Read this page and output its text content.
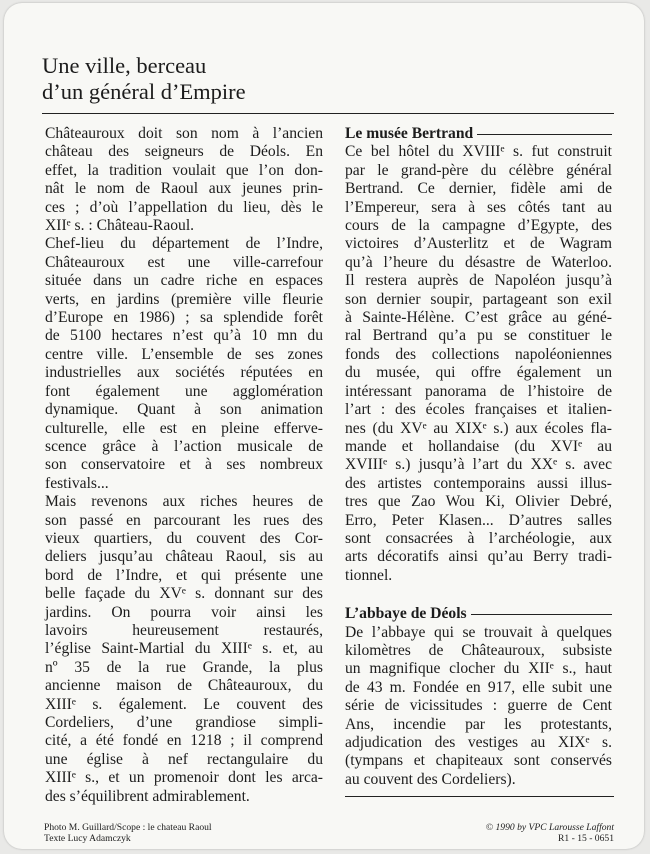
Une ville, berceau
d’un général d’Empire

Châteauroux doit son nom à l’ancien
château des seigneurs de Déols. En
effet, la tradition voulait que l’on don-
nât le nom de Raoul aux jeunes prin-
ces ; d’où l’appellation du lieu, dès le
XIIᵉ s. : Château-Raoul.

Chef-lieu du département de l’Indre,
Châteauroux est une ville-carrefour
située dans un cadre riche en espaces
verts, en jardins (première ville fleurie
d’Europe en 1986) ; sa splendide forêt
de 5100 hectares n’est qu’à 10 mn du
centre ville. L’ensemble de ses zones
industrielles aux sociétés réputées en
font également une agglomération
dynamique. Quant à son animation
culturelle, elle est en pleine efferve-
scence grâce à l’action musicale de
son conservatoire et à ses nombreux
festivals...

Mais revenons aux riches heures de
son passé en parcourant les rues des
vieux quartiers, du couvent des Cor-
deliers jusqu’au château Raoul, sis au
bord de l’Indre, et qui présente une
belle façade du XVᵉ s. donnant sur des
jardins. On pourra voir ainsi les
lavoirs heureusement restaurés,
l’église Saint-Martial du XIIIᵉ s. et, au
nº 35 de la rue Grande, la plus
ancienne maison de Châteauroux, du
XIIIᵉ s. également. Le couvent des
Cordeliers, d’une grandiose simpli-
cité, a été fondé en 1218 ; il comprend
une église à nef rectangulaire du
XIIIᵉ s., et un promenoir dont les arca-
des s’équilibrent admirablement.

Le musée Bertrand

Ce bel hôtel du XVIIIᵉ s. fut construit
par le grand-père du célèbre général
Bertrand. Ce dernier, fidèle ami de
l’Empereur, sera à ses côtés tant au
cours de la campagne d’Egypte, des
victoires d’Austerlitz et de Wagram
qu’à l’heure du désastre de Waterloo.
Il restera auprès de Napoléon jusqu’à
son dernier soupir, partageant son exil
à Sainte-Hélène. C’est grâce au géné-
ral Bertrand qu’a pu se constituer le
fonds des collections napoléoniennes
du musée, qui offre également un
intéressant panorama de l’histoire de
l’art : des écoles françaises et italien-
nes (du XVᵉ au XIXᵉ s.) aux écoles fla-
mande et hollandaise (du XVIᵉ au
XVIIIᵉ s.) jusqu’à l’art du XXᵉ s. avec
des artistes contemporains aussi illus-
tres que Zao Wou Ki, Olivier Debré,
Erro, Peter Klasen... D’autres salles
sont consacrées à l’archéologie, aux
arts décoratifs ainsi qu’au Berry tradi-
tionnel.

L’abbaye de Déols

De l’abbaye qui se trouvait à quelques
kilomètres de Châteauroux, subsiste
un magnifique clocher du XIIᵉ s., haut
de 43 m. Fondée en 917, elle subit une
série de vicissitudes : guerre de Cent
Ans, incendie par les protestants,
adjudication des vestiges au XIXᵉ s.
(tympans et chapiteaux sont conservés
au couvent des Cordeliers).

Photo M. Guillard/Scope : le chateau Raoul
Texte Lucy Adamczyk
© 1990 by VPC Larousse Laffont
R1 - 15 - 0651
